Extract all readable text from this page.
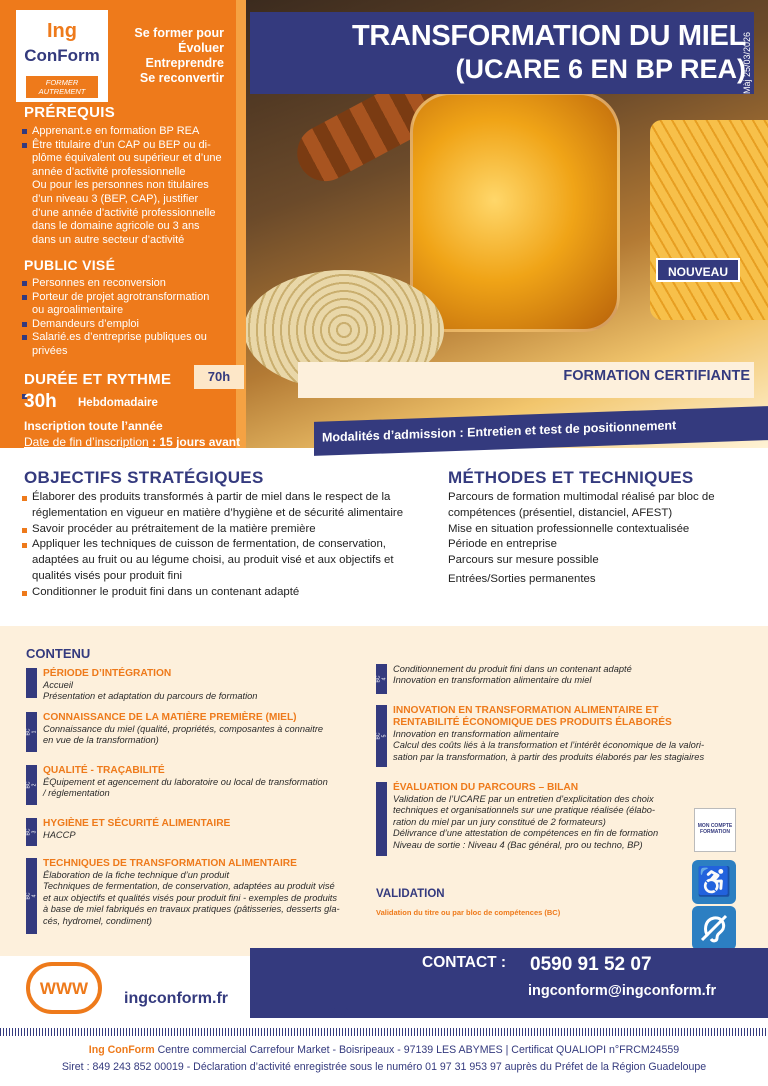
Ing
ConForm
FORMER AUTREMENT
Se former pour
Évoluer
Entreprendre
Se reconvertir
TRANSFORMATION DU MIEL
(UCARE 6 EN BP REA)
Màj 25/03/2026
PRÉREQUIS
Apprenant.e en formation BP REA
Être titulaire d’un CAP ou BEP ou di-
plôme équivalent ou supérieur et d’une
année d’activité professionnelle
Ou pour les personnes non titulaires
d’un niveau 3 (BEP, CAP), justifier
d’une année d’activité professionnelle
dans le domaine agricole ou 3 ans
dans un autre secteur d’activité
PUBLIC VISÉ
Personnes en reconversion
Porteur de projet agrotransformation
ou agroalimentaire
Demandeurs d’emploi
Salarié.es d’entreprise publiques ou
privées
DURÉE ET RYTHME	70h
30h Hebdomadaire
Inscription toute l’année
Date de fin d’inscription : 15 jours avant
NOUVEAU
FORMATION CERTIFIANTE
Modalités d’admission : Entretien et test de positionnement
OBJECTIFS STRATÉGIQUES
Élaborer des produits transformés à partir de miel dans le respect de la
réglementation en vigueur en matière d’hygiène et de sécurité alimentaire
Savoir procéder au prétraitement de la matière première
Appliquer les techniques de cuisson de fermentation, de conservation,
adaptées au fruit ou au légume choisi, au produit visé et aux objectifs et
qualités visés pour produit fini
Conditionner le produit fini dans un contenant adapté
MÉTHODES ET TECHNIQUES
Parcours de formation multimodal réalisé par bloc de
compétences (présentiel, distanciel, AFEST)
Mise en situation professionnelle contextualisée
Période en entreprise
Parcours sur mesure possible
Entrées/Sorties permanentes
CONTENU
PÉRIODE D’INTÉGRATION
Accueil
Présentation et adaptation du parcours de formation
BC 1
CONNAISSANCE DE LA MATIÈRE PREMIÈRE (MIEL)
Connaissance du miel (qualité, propriétés, composantes à connaitre
en vue de la transformation)
BC 2
QUALITÉ - TRAÇABILITÉ
ÉQuipement et agencement du laboratoire ou local de transformation
/ réglementation
BC 3
HYGIÈNE ET SÉCURITÉ ALIMENTAIRE
HACCP
BC 4
TECHNIQUES DE TRANSFORMATION ALIMENTAIRE
Élaboration de la fiche technique d’un produit
Techniques de fermentation, de conservation, adaptées au produit visé
et aux objectifs et qualités visés pour produit fini - exemples de produits
à base de miel fabriqués en travaux pratiques (pâtisseries, desserts gla-
cés, hydromel, condiment)
BC 4
Conditionnement du produit fini dans un contenant adapté
Innovation en transformation alimentaire du miel
BC 5
INNOVATION EN TRANSFORMATION ALIMENTAIRE ET
RENTABILITÉ ÉCONOMIQUE DES PRODUITS ÉLABORÉS
Innovation en transformation alimentaire
Calcul des coûts liés à la transformation et l’intérêt économique de la valori-
sation par la transformation, à partir des produits élaborés par les stagiaires
ÉVALUATION DU PARCOURS – BILAN
Validation de l’UCARE par un entretien d’explicitation des choix
techniques et organisationnels sur une pratique réalisée (élabo-
ration du miel par un jury constitué de 2 formateurs)
Délivrance d’une attestation de compétences en fin de formation
Niveau de sortie : Niveau 4 (Bac général, pro ou techno, BP)
VALIDATION
Validation du titre ou par bloc de compétences (BC)
MON COMPTE FORMATION
♿
CONTACT : 0590 91 52 07
ingconform@ingconform.fr
WWW
ingconform.fr
TARIF :
Ing ConForm Centre commercial Carrefour Market - Boisripeaux - 97139 LES ABYMES | Certificat QUALIOPI n°FRCM24559
Siret : 849 243 852 00019 - Déclaration d’activité enregistrée sous le numéro 01 97 31 953 97 auprès du Préfet de la Région Guadeloupe
